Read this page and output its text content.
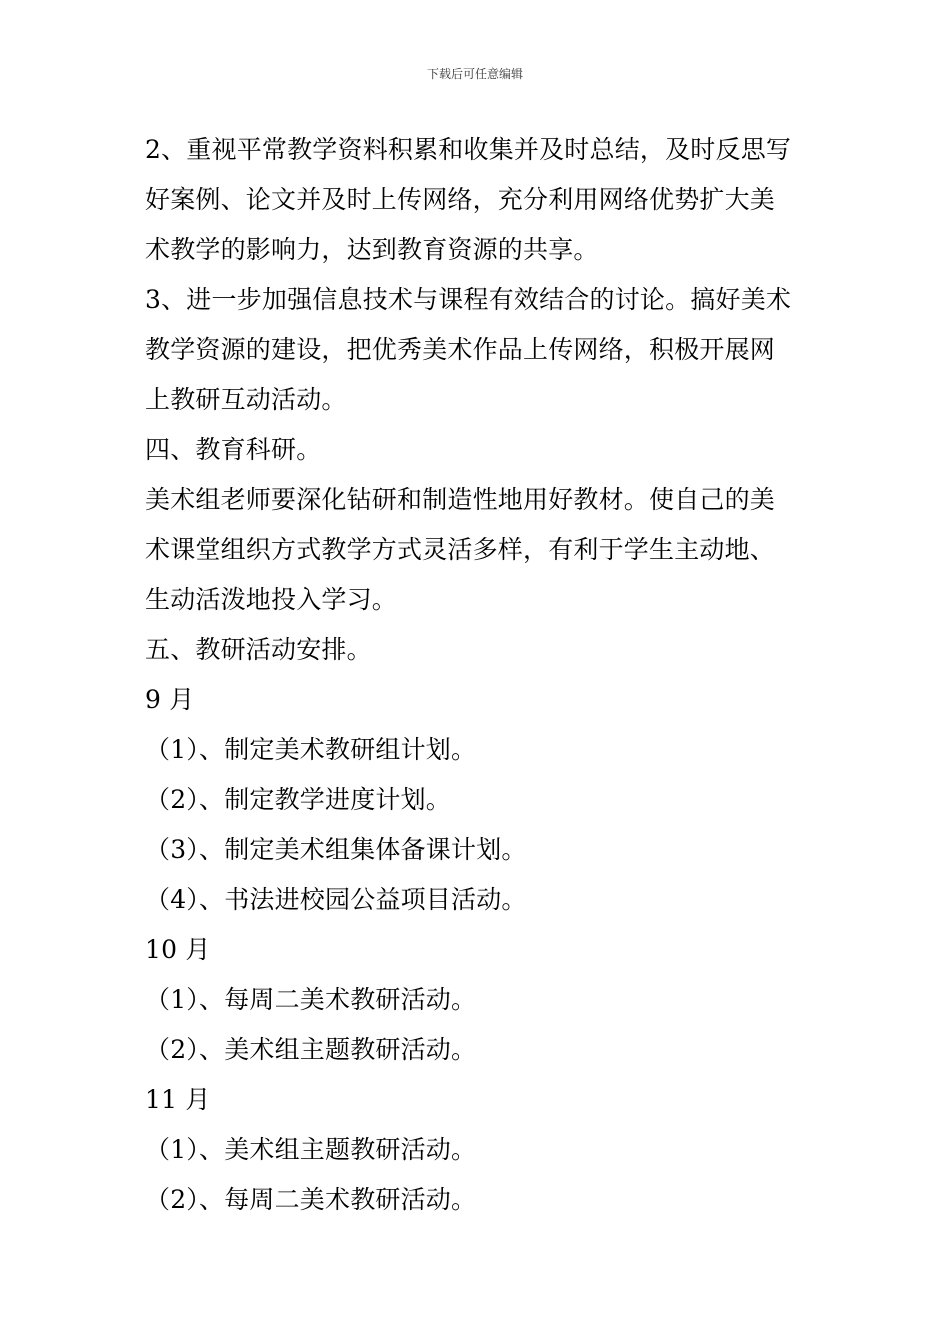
下载后可任意编辑
2、重视平常教学资料积累和收集并及时总结，及时反思写
好案例、论文并及时上传网络，充分利用网络优势扩大美
术教学的影响力，达到教育资源的共享。
3、进一步加强信息技术与课程有效结合的讨论。搞好美术
教学资源的建设，把优秀美术作品上传网络，积极开展网
上教研互动活动。
四、教育科研。
美术组老师要深化钻研和制造性地用好教材。使自己的美
术课堂组织方式教学方式灵活多样，有利于学生主动地、
生动活泼地投入学习。
五、教研活动安排。
9 月
（1）、制定美术教研组计划。
（2）、制定教学进度计划。
（3）、制定美术组集体备课计划。
（4）、书法进校园公益项目活动。
10 月
（1）、每周二美术教研活动。
（2）、美术组主题教研活动。
11 月
（1）、美术组主题教研活动。
（2）、每周二美术教研活动。
